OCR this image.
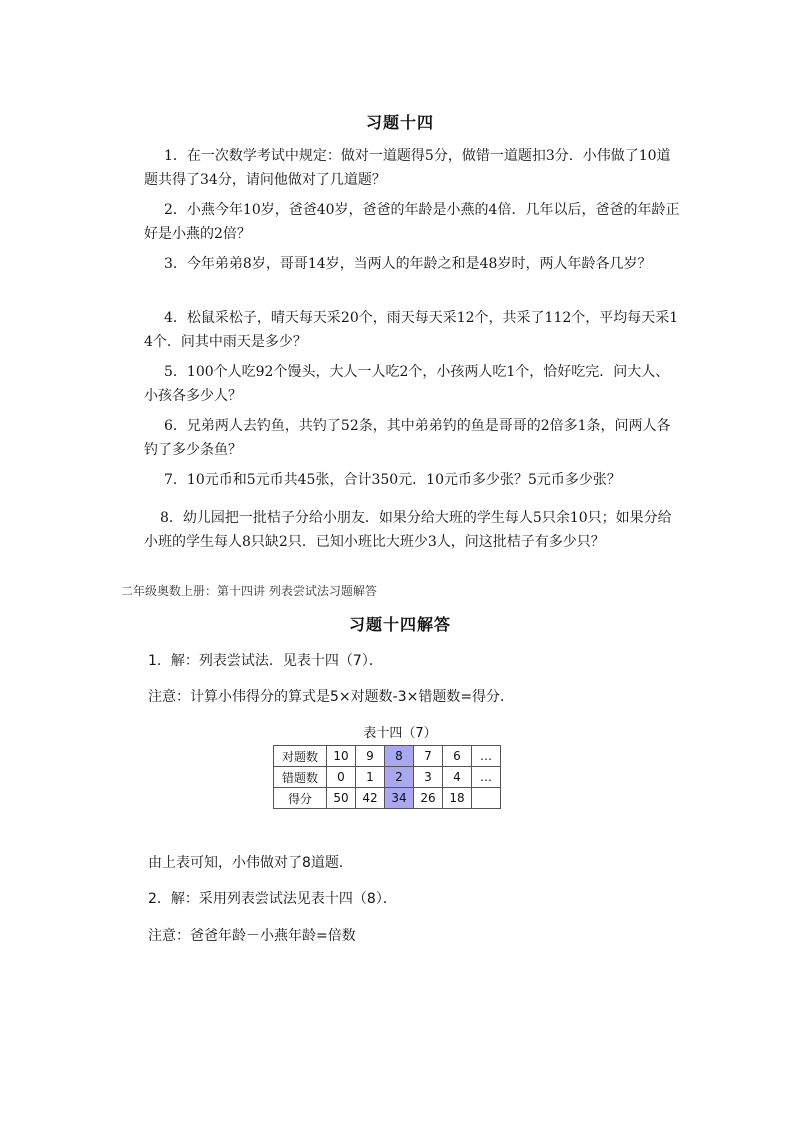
习题十四
1．在一次数学考试中规定：做对一道题得5分，做错一道题扣3分．小伟做了10道题共得了34分，请问他做对了几道题？
2．小燕今年10岁，爸爸40岁，爸爸的年龄是小燕的4倍．几年以后，爸爸的年龄正好是小燕的2倍？
3．今年弟弟8岁，哥哥14岁，当两人的年龄之和是48岁时，两人年龄各几岁？
4．松鼠采松子，晴天每天采20个，雨天每天采12个，共采了112个，平均每天采14个．问其中雨天是多少？
5．100个人吃92个馒头，大人一人吃2个，小孩两人吃1个，恰好吃完．问大人、小孩各多少人？
6．兄弟两人去钓鱼，共钓了52条，其中弟弟钓的鱼是哥哥的2倍多1条，问两人各钓了多少条鱼？
7．10元币和5元币共45张，合计350元．10元币多少张？5元币多少张？
8．幼儿园把一批桔子分给小朋友．如果分给大班的学生每人5只余10只；如果分给小班的学生每人8只缺2只．已知小班比大班少3人，问这批桔子有多少只？
二年级奥数上册：第十四讲 列表尝试法习题解答
习题十四解答
1．解：列表尝试法．见表十四（7）．
注意：计算小伟得分的算式是5×对题数-3×错题数=得分．
表十四（7）
对题数	10	9	8	7	6	…
错题数	0	1	2	3	4	…
得分	50	42	34	26	18	
由上表可知，小伟做对了8道题．
2．解：采用列表尝试法见表十四（8）．
注意：爸爸年龄－小燕年龄=倍数
